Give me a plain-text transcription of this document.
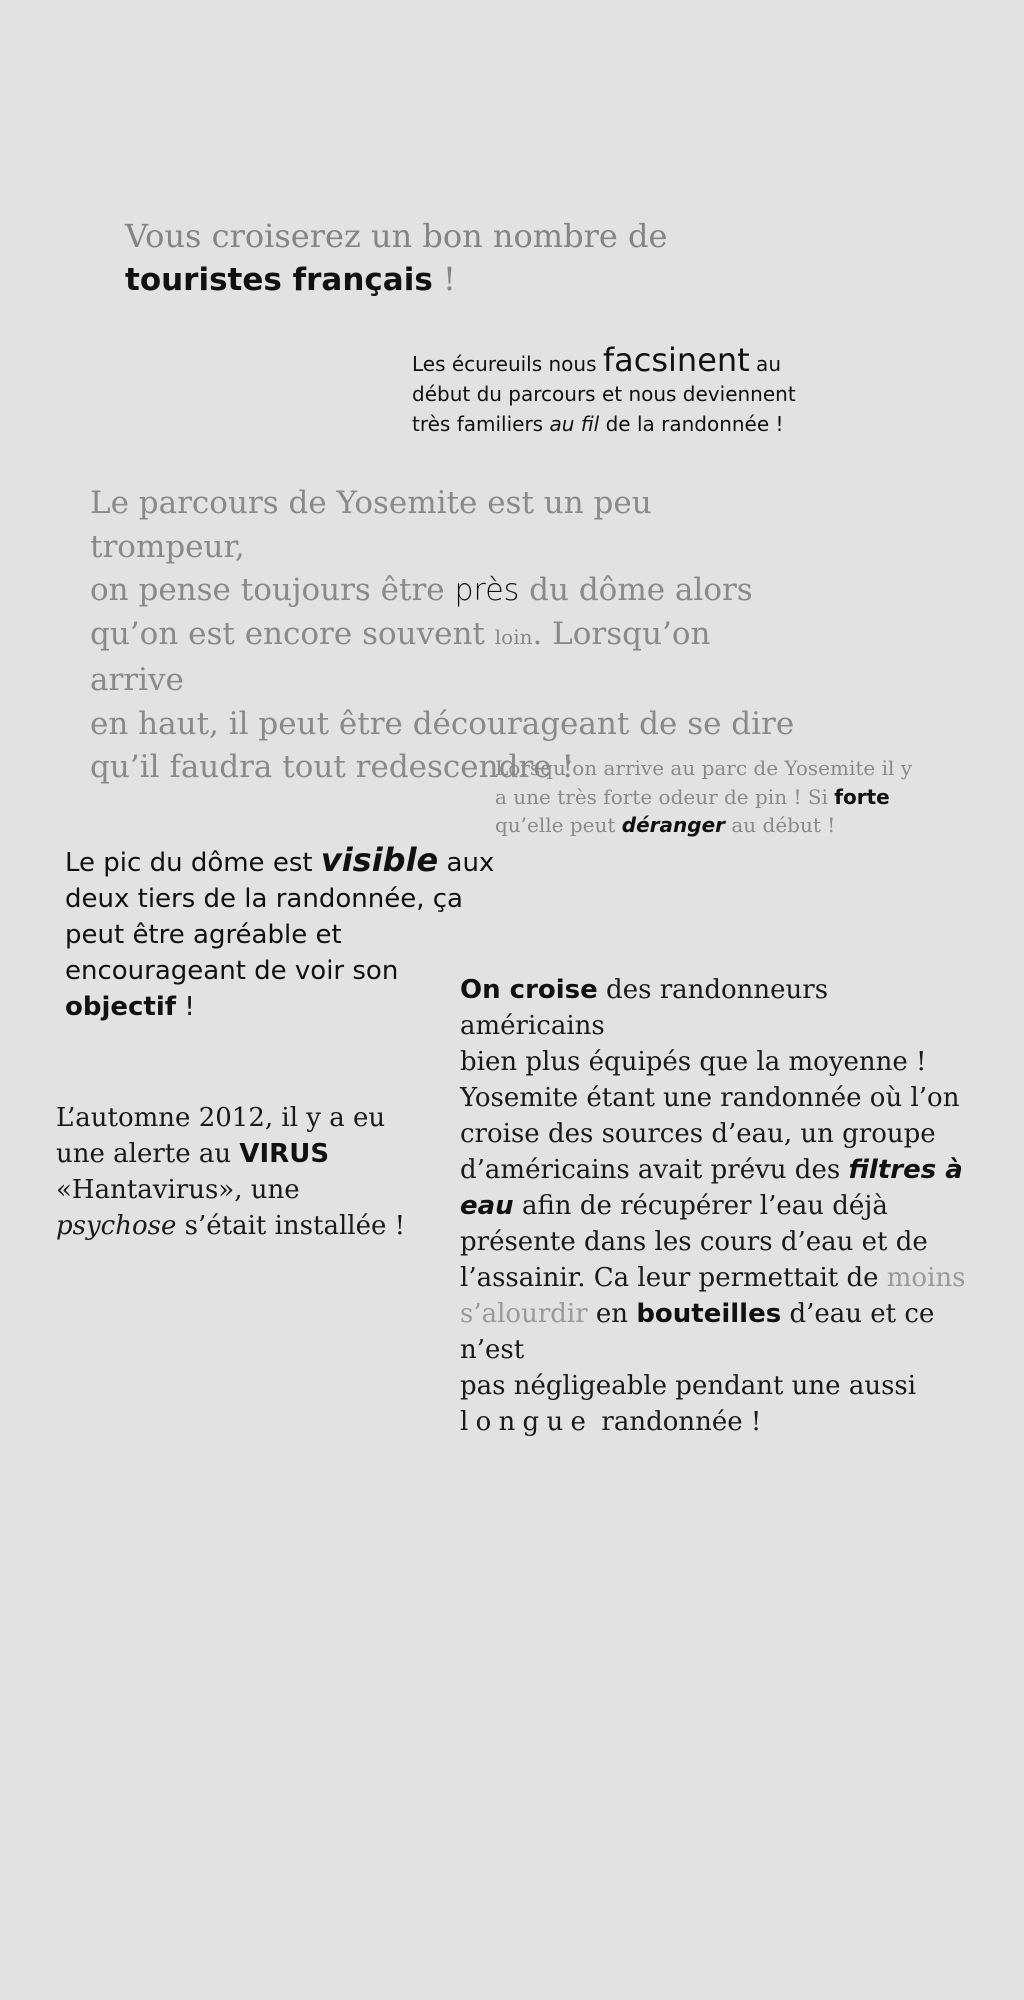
Vous croiserez un bon nombre de
touristes français !

Les écureuils nous facsinent au
début du parcours et nous deviennent
très familiers au fil de la randonnée !

Le parcours de Yosemite est un peu trompeur,
on pense toujours être près du dôme alors
qu’on est encore souvent loin. Lorsqu’on arrive
en haut, il peut être décourageant de se dire
qu’il faudra tout redescendre !

Lorsqu’on arrive au parc de Yosemite il y
a une très forte odeur de pin ! Si forte
qu’elle peut déranger au début !

Le pic du dôme est visible aux
deux tiers de la randonnée, ça
peut être agréable et
encourageant de voir son
objectif !

On croise des randonneurs américains
bien plus équipés que la moyenne !
Yosemite étant une randonnée où l’on
croise des sources d’eau, un groupe
d’américains avait prévu des filtres à
eau afin de récupérer l’eau déjà
présente dans les cours d’eau et de
l’assainir. Ca leur permettait de moins
s’alourdir en bouteilles d’eau et ce n’est
pas négligeable pendant une aussi
longue randonnée !

L’automne 2012, il y a eu
une alerte au VIRUS
«Hantavirus», une
psychose s’était installée !
